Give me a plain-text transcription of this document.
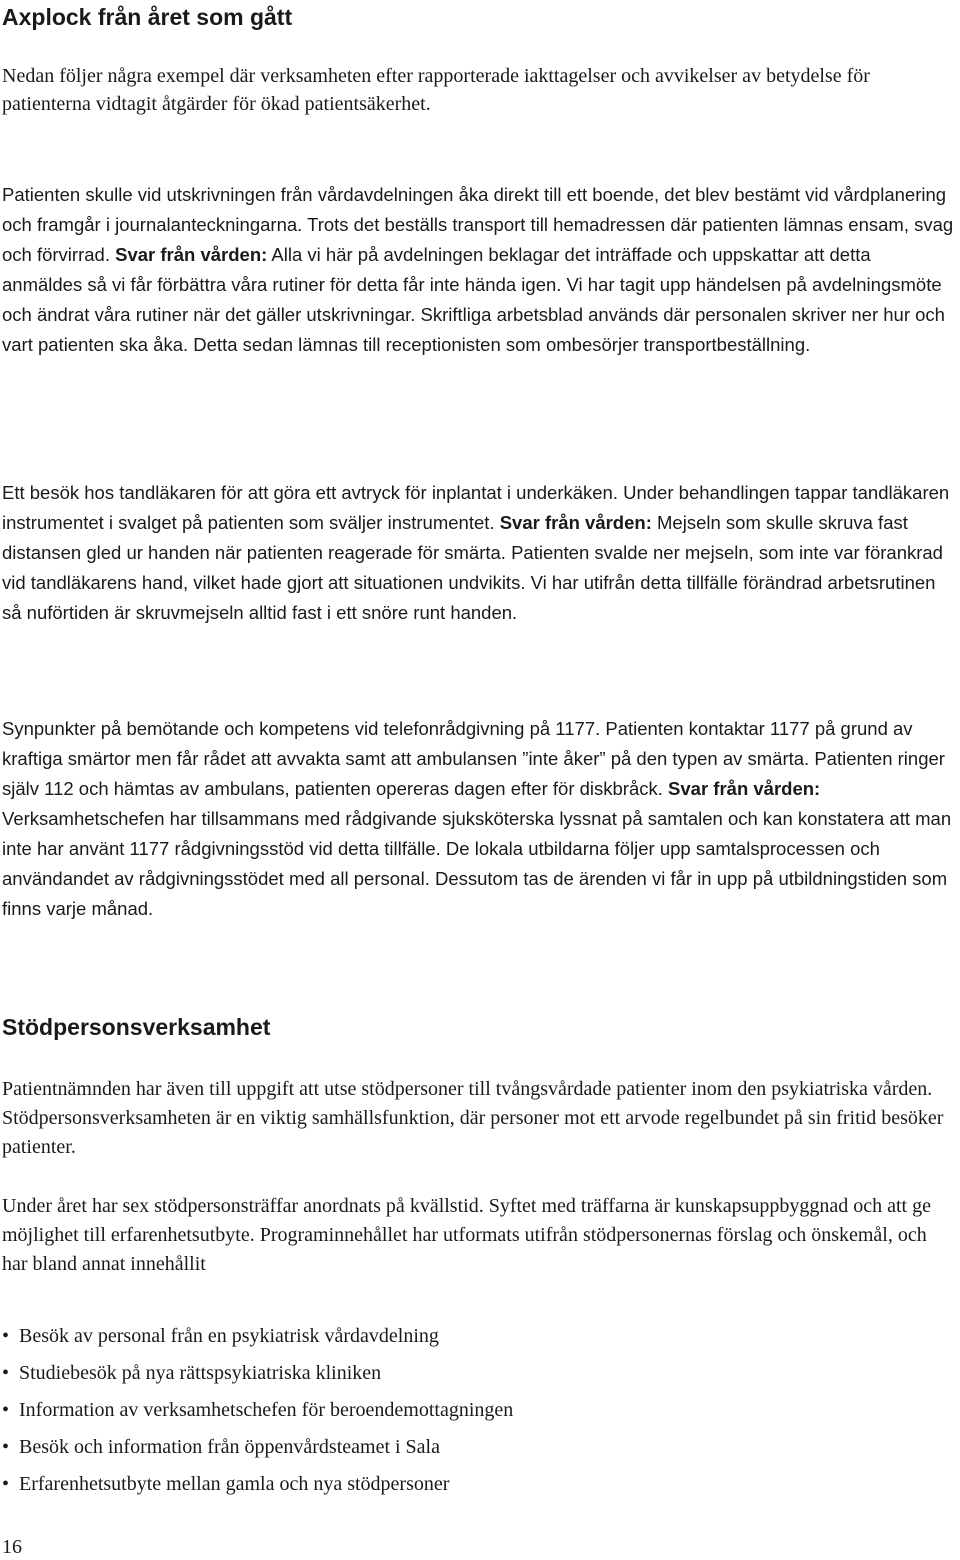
Axplock från året som gått

Nedan följer några exempel där verksamheten efter rapporterade iakttagelser och avvikelser av betydelse för patienterna vidtagit åtgärder för ökad patientsäkerhet.

Patienten skulle vid utskrivningen från vårdavdelningen åka direkt till ett boende, det blev bestämt vid vårdplanering och framgår i journalanteckningarna. Trots det beställs transport till hemadressen där patienten lämnas ensam, svag och förvirrad. Svar från vården: Alla vi här på avdelningen beklagar det inträffade och uppskattar att detta anmäldes så vi får förbättra våra rutiner för detta får inte hända igen. Vi har tagit upp händelsen på avdelningsmöte och ändrat våra rutiner när det gäller utskrivningar. Skriftliga arbetsblad används där personalen skriver ner hur och vart patienten ska åka. Detta sedan lämnas till receptionisten som ombesörjer transportbeställning.

Ett besök hos tandläkaren för att göra ett avtryck för inplantat i underkäken. Under behandlingen tappar tandläkaren instrumentet i svalget på patienten som sväljer instrumentet. Svar från vården: Mejseln som skulle skruva fast distansen gled ur handen när patienten reagerade för smärta. Patienten svalde ner mejseln, som inte var förankrad vid tandläkarens hand, vilket hade gjort att situationen undvikits. Vi har utifrån detta tillfälle förändrad arbetsrutinen så nuförtiden är skruvmejseln alltid fast i ett snöre runt handen.

Synpunkter på bemötande och kompetens vid telefonrådgivning på 1177. Patienten kontaktar 1177 på grund av kraftiga smärtor men får rådet att avvakta samt att ambulansen ”inte åker” på den typen av smärta. Patienten ringer själv 112 och hämtas av ambulans, patienten opereras dagen efter för diskbråck. Svar från vården: Verksamhetschefen har tillsammans med rådgivande sjuksköterska lyssnat på samtalen och kan konstatera att man inte har använt 1177 rådgivningsstöd vid detta tillfälle. De lokala utbildarna följer upp samtalsprocessen och användandet av rådgivningsstödet med all personal. Dessutom tas de ärenden vi får in upp på utbildningstiden som finns varje månad.

Stödpersonsverksamhet

Patientnämnden har även till uppgift att utse stödpersoner till tvångsvårdade patienter inom den psykiatriska vården. Stödpersonsverksamheten är en viktig samhällsfunktion, där personer mot ett arvode regelbundet på sin fritid besöker patienter.

Under året har sex stödpersonsträffar anordnats på kvällstid. Syftet med träffarna är kunskapsuppbyggnad och att ge möjlighet till erfarenhetsutbyte. Programinnehållet har utformats utifrån stödpersonernas förslag och önskemål, och har bland annat innehållit

• Besök av personal från en psykiatrisk vårdavdelning
• Studiebesök på nya rättspsykiatriska kliniken
• Information av verksamhetschefen för beroendemottagningen
• Besök och information från öppenvårdsteamet i Sala
• Erfarenhetsutbyte mellan gamla och nya stödpersoner
16
